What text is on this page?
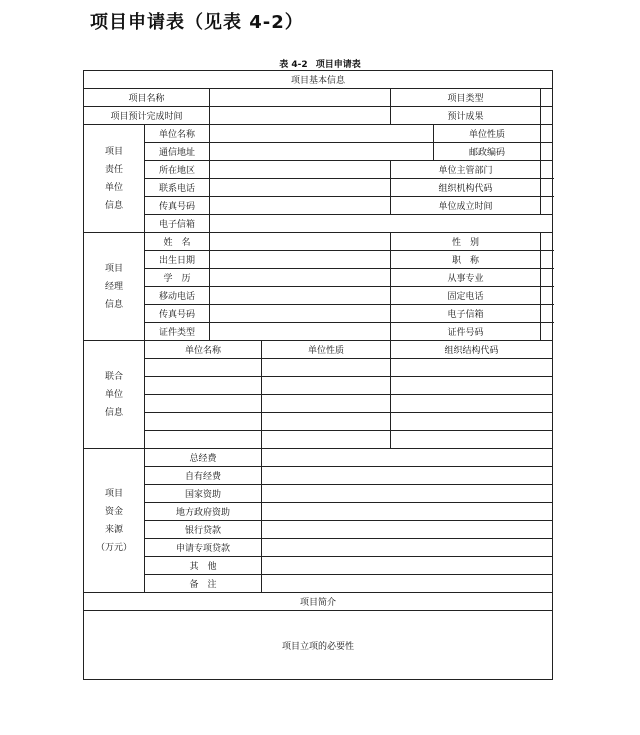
项目申请表（见表 4-2）
表 4-2 项目申请表
项目基本信息						
项目名称				项目类型		
项目预计完成时间				预计成果		

项目
责任
单位
信息	单位名称				单位性质	
	通信地址				邮政编码	
	所在地区			单位主管部门		
	联系电话			组织机构代码		
	传真号码			单位成立时间		
	电子信箱					

项目
经理
信息	姓　名			性　别		
	出生日期			职　称		
	学　历			从事专业		
	移动电话			固定电话		
	传真号码			电子信箱		
	证件类型			证件号码		

联合
单位
信息	单位名称		单位性质	组织结构代码		

项目
资金
来源
（万元）	总经费					
	自有经费					
	国家资助					
	地方政府资助					
	银行贷款					
	申请专项贷款					
	其　他					
	备　注					
项目简介						
项目立项的必要性						
